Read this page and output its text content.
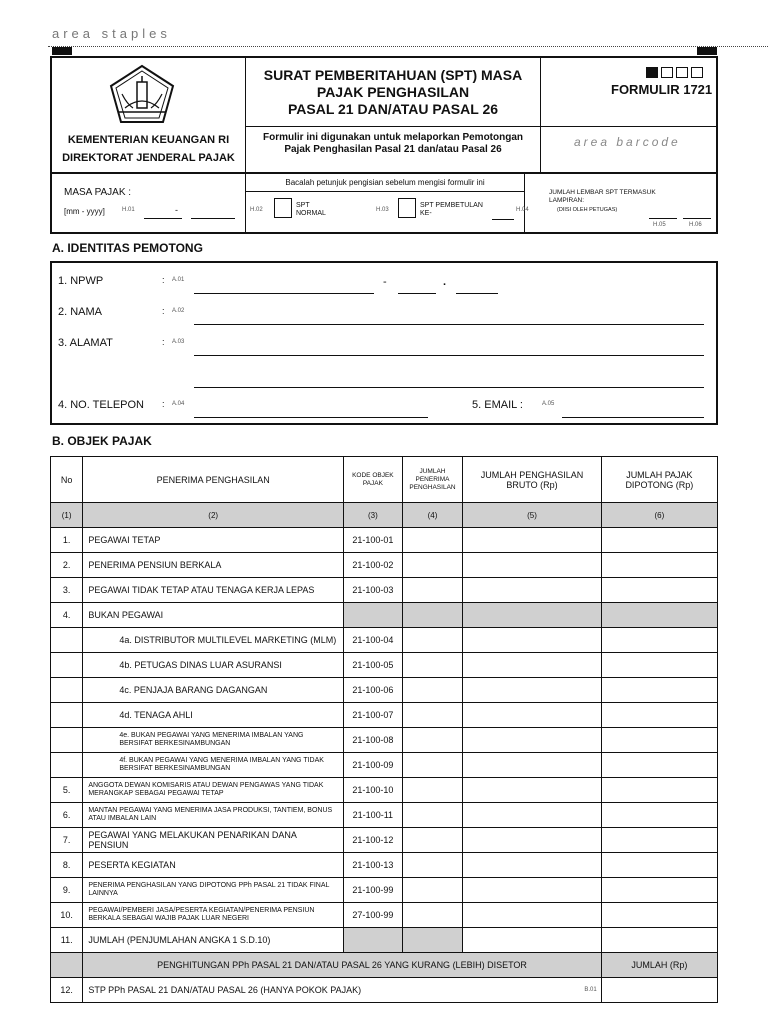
area staples
KEMENTERIAN KEUANGAN RI
DIREKTORAT JENDERAL PAJAK
SURAT PEMBERITAHUAN (SPT) MASA
PAJAK PENGHASILAN
PASAL 21 DAN/ATAU PASAL 26
Formulir ini digunakan untuk melaporkan Pemotongan Pajak Penghasilan Pasal 21 dan/atau Pasal 26
FORMULIR 1721
area barcode
MASA PAJAK :
[mm - yyyy]	H.01	-
Bacalah petunjuk pengisian sebelum mengisi formulir ini
H.02
SPT NORMAL	H.03
SPT PEMBETULAN KE-	H.04
JUMLAH LEMBAR SPT TERMASUK LAMPIRAN:
(DIISI OLEH PETUGAS)
H.05	H.06
A. IDENTITAS PEMOTONG
1. NPWP	: A.01	-	.
2. NAMA	: A.02
3. ALAMAT	: A.03
4. NO. TELEPON : A.04	5. EMAIL :	A.05
B. OBJEK PAJAK
No	PENERIMA PENGHASILAN	KODE OBJEK PAJAK	JUMLAH PENERIMA PENGHASILAN	JUMLAH PENGHASILAN BRUTO (Rp)	JUMLAH PAJAK DIPOTONG (Rp)
(1)	(2)	(3)	(4)	(5)	(6)
1.	PEGAWAI TETAP	21-100-01			
2.	PENERIMA PENSIUN BERKALA	21-100-02			
3.	PEGAWAI TIDAK TETAP ATAU TENAGA KERJA LEPAS	21-100-03			
4.	BUKAN PEGAWAI				
	4a. DISTRIBUTOR MULTILEVEL MARKETING (MLM)	21-100-04			
	4b. PETUGAS DINAS LUAR ASURANSI	21-100-05			
	4c. PENJAJA BARANG DAGANGAN	21-100-06			
	4d. TENAGA AHLI	21-100-07			
	4e. BUKAN PEGAWAI YANG MENERIMA IMBALAN YANG BERSIFAT BERKESINAMBUNGAN	21-100-08			
	4f. BUKAN PEGAWAI YANG MENERIMA IMBALAN YANG TIDAK BERSIFAT BERKESINAMBUNGAN	21-100-09			
5.	ANGGOTA DEWAN KOMISARIS ATAU DEWAN PENGAWAS YANG TIDAK MERANGKAP SEBAGAI PEGAWAI TETAP	21-100-10			
6.	MANTAN PEGAWAI YANG MENERIMA JASA PRODUKSI, TANTIEM, BONUS ATAU IMBALAN LAIN	21-100-11			
7.	PEGAWAI YANG MELAKUKAN PENARIKAN DANA PENSIUN	21-100-12			
8.	PESERTA KEGIATAN	21-100-13			
9.	PENERIMA PENGHASILAN YANG DIPOTONG PPh PASAL 21 TIDAK FINAL LAINNYA	21-100-99			
10.	PEGAWAI/PEMBERI JASA/PESERTA KEGIATAN/PENERIMA PENSIUN BERKALA SEBAGAI WAJIB PAJAK LUAR NEGERI	27-100-99			
11.	JUMLAH (PENJUMLAHAN ANGKA 1 S.D.10)				
	PENGHITUNGAN PPh PASAL 21 DAN/ATAU PASAL 26 YANG KURANG (LEBIH) DISETOR				JUMLAH (Rp)
12.	STP PPh PASAL 21 DAN/ATAU PASAL 26 (HANYA POKOK PAJAK) B.01				
